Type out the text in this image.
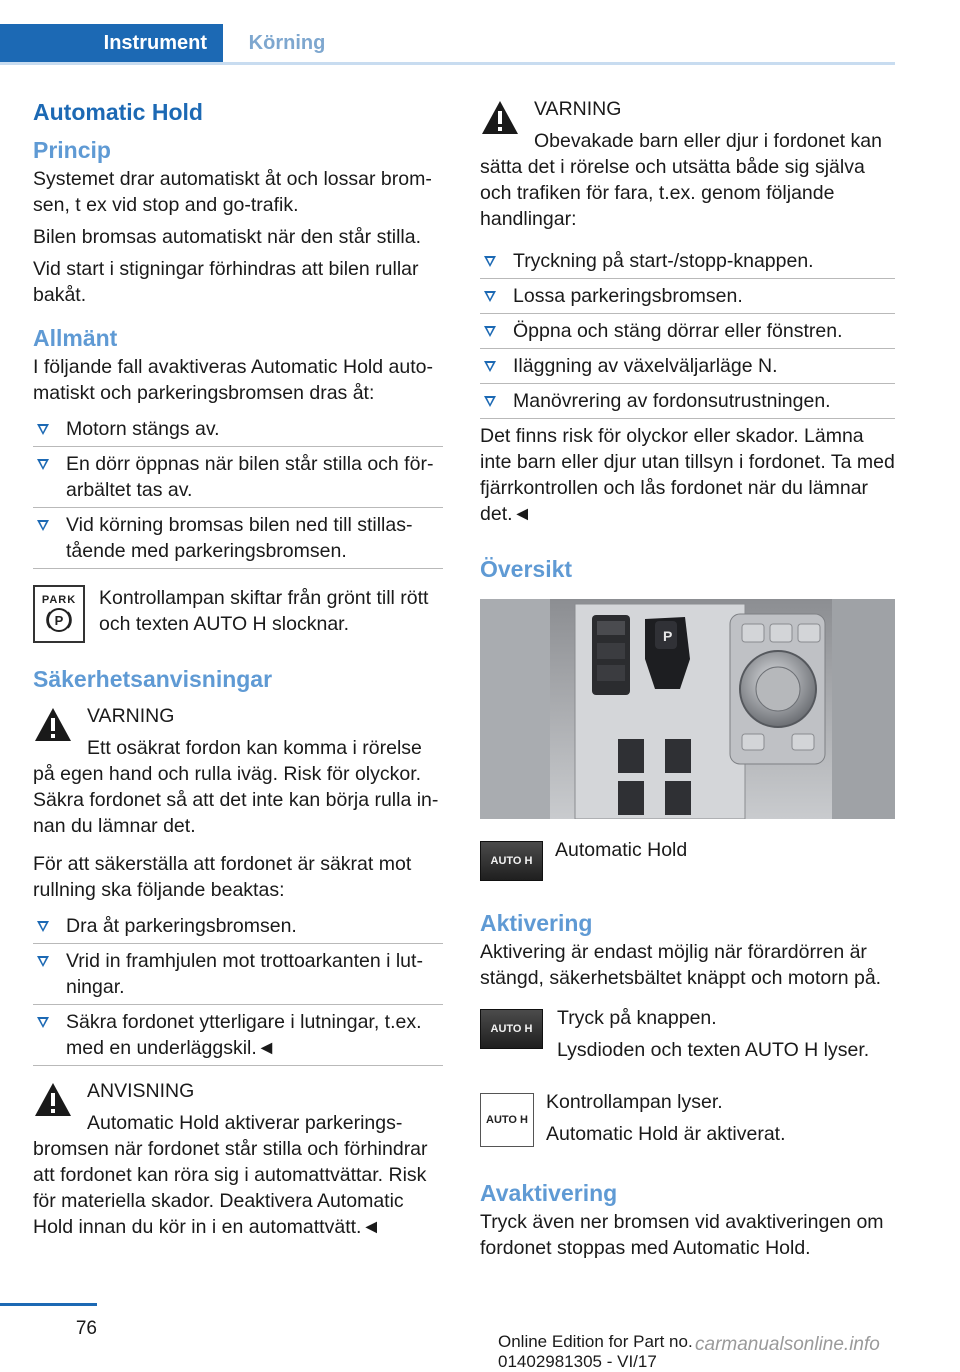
Instrument	Körning
Automatic Hold
Princip

Systemet drar automatiskt åt och lossar brom-sen, t ex vid stop and go-trafik.

Bilen bromsas automatiskt när den står stilla.

Vid start i stigningar förhindras att bilen rullar bakåt.

Allmänt

I följande fall avaktiveras Automatic Hold auto-matiskt och parkeringsbromsen dras åt:

Motorn stängs av.
En dörr öppnas när bilen står stilla och för-arbältet tas av.
Vid körning bromsas bilen ned till stillas-tående med parkeringsbromsen.
PARK
P

Kontrollampan skiftar från grönt till rött och texten AUTO H slocknar.

Säkerhetsanvisningar
VARNING
Ett osäkrat fordon kan komma i rörelse på egen hand och rulla iväg. Risk för olyckor. Säkra fordonet så att det inte kan börja rulla in-nan du lämnar det.

För att säkerställa att fordonet är säkrat mot rullning ska följande beaktas:

Dra åt parkeringsbromsen.
Vrid in framhjulen mot trottoarkanten i lut-ningar.
Säkra fordonet ytterligare i lutningar, t.ex. med en underläggskil.◄
ANVISNING
Automatic Hold aktiverar parkerings-bromsen när fordonet står stilla och förhindrar att fordonet kan röra sig i automattvättar. Risk för materiella skador. Deaktivera Automatic Hold innan du kör in i en automattvätt.◄
VARNING
Obevakade barn eller djur i fordonet kan sätta det i rörelse och utsätta både sig själva och trafiken för fara, t.ex. genom följande handlingar:
Tryckning på start-/stopp-knappen.
Lossa parkeringsbromsen.
Öppna och stäng dörrar eller fönstren.
Iläggning av växelväljarläge N.
Manövrering av fordonsutrustningen.

Det finns risk för olyckor eller skador. Lämna inte barn eller djur utan tillsyn i fordonet. Ta med fjärrkontrollen och lås fordonet när du lämnar det.◄

Översikt
P
AUTO H	Automatic Hold

Aktivering

Aktivering är endast möjlig när förardörren är stängd, säkerhetsbältet knäppt och motorn på.

AUTO H	Tryck på knappen.

Lysdioden och texten AUTO H lyser.

AUTO H

Kontrollampan lyser.

Automatic Hold är aktiverat.

Avaktivering

Tryck även ner bromsen vid avaktiveringen om fordonet stoppas med Automatic Hold.

76
Online Edition for Part no. 01402981305 - VI/17
carmanualsonline.info
